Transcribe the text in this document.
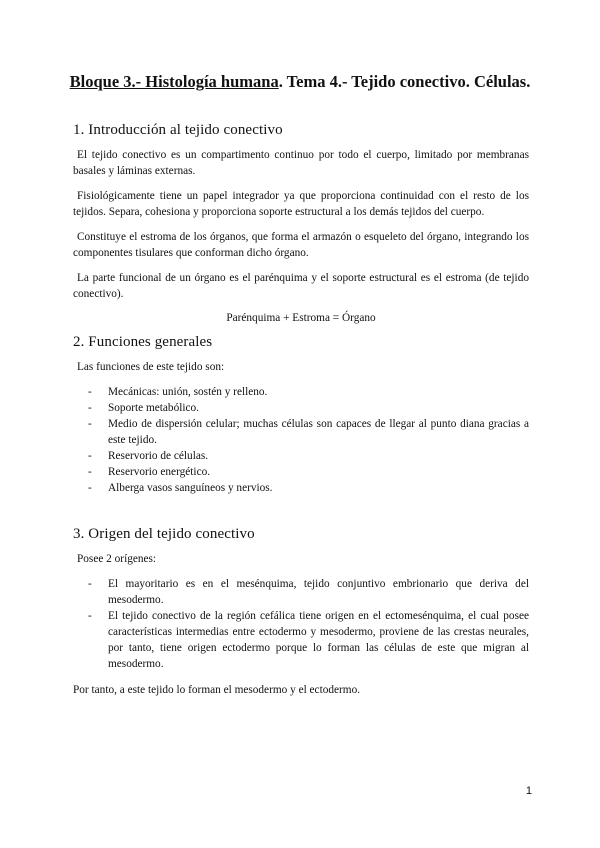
Bloque 3.- Histología humana. Tema 4.- Tejido conectivo. Células.
1. Introducción al tejido conectivo

El tejido conectivo es un compartimento continuo por todo el cuerpo, limitado por membranas basales y láminas externas.

Fisiológicamente tiene un papel integrador ya que proporciona continuidad con el resto de los tejidos. Separa, cohesiona y proporciona soporte estructural a los demás tejidos del cuerpo.

Constituye el estroma de los órganos, que forma el armazón o esqueleto del órgano, integrando los componentes tisulares que conforman dicho órgano.

La parte funcional de un órgano es el parénquima y el soporte estructural es el estroma (de tejido conectivo).

Parénquima + Estroma = Órgano
2. Funciones generales

Las funciones de este tejido son:

- Mecánicas: unión, sostén y relleno.
- Soporte metabólico.
- Medio de dispersión celular; muchas células son capaces de llegar al punto diana gracias a este tejido.
- Reservorio de células.
- Reservorio energético.
- Alberga vasos sanguíneos y nervios.
3. Origen del tejido conectivo

Posee 2 orígenes:

- El mayoritario es en el mesénquima, tejido conjuntivo embrionario que deriva del mesodermo.
- El tejido conectivo de la región cefálica tiene origen en el ectomesénquima, el cual posee características intermedias entre ectodermo y mesodermo, proviene de las crestas neurales, por tanto, tiene origen ectodermo porque lo forman las células de este que migran al mesodermo.

Por tanto, a este tejido lo forman el mesodermo y el ectodermo.

1
